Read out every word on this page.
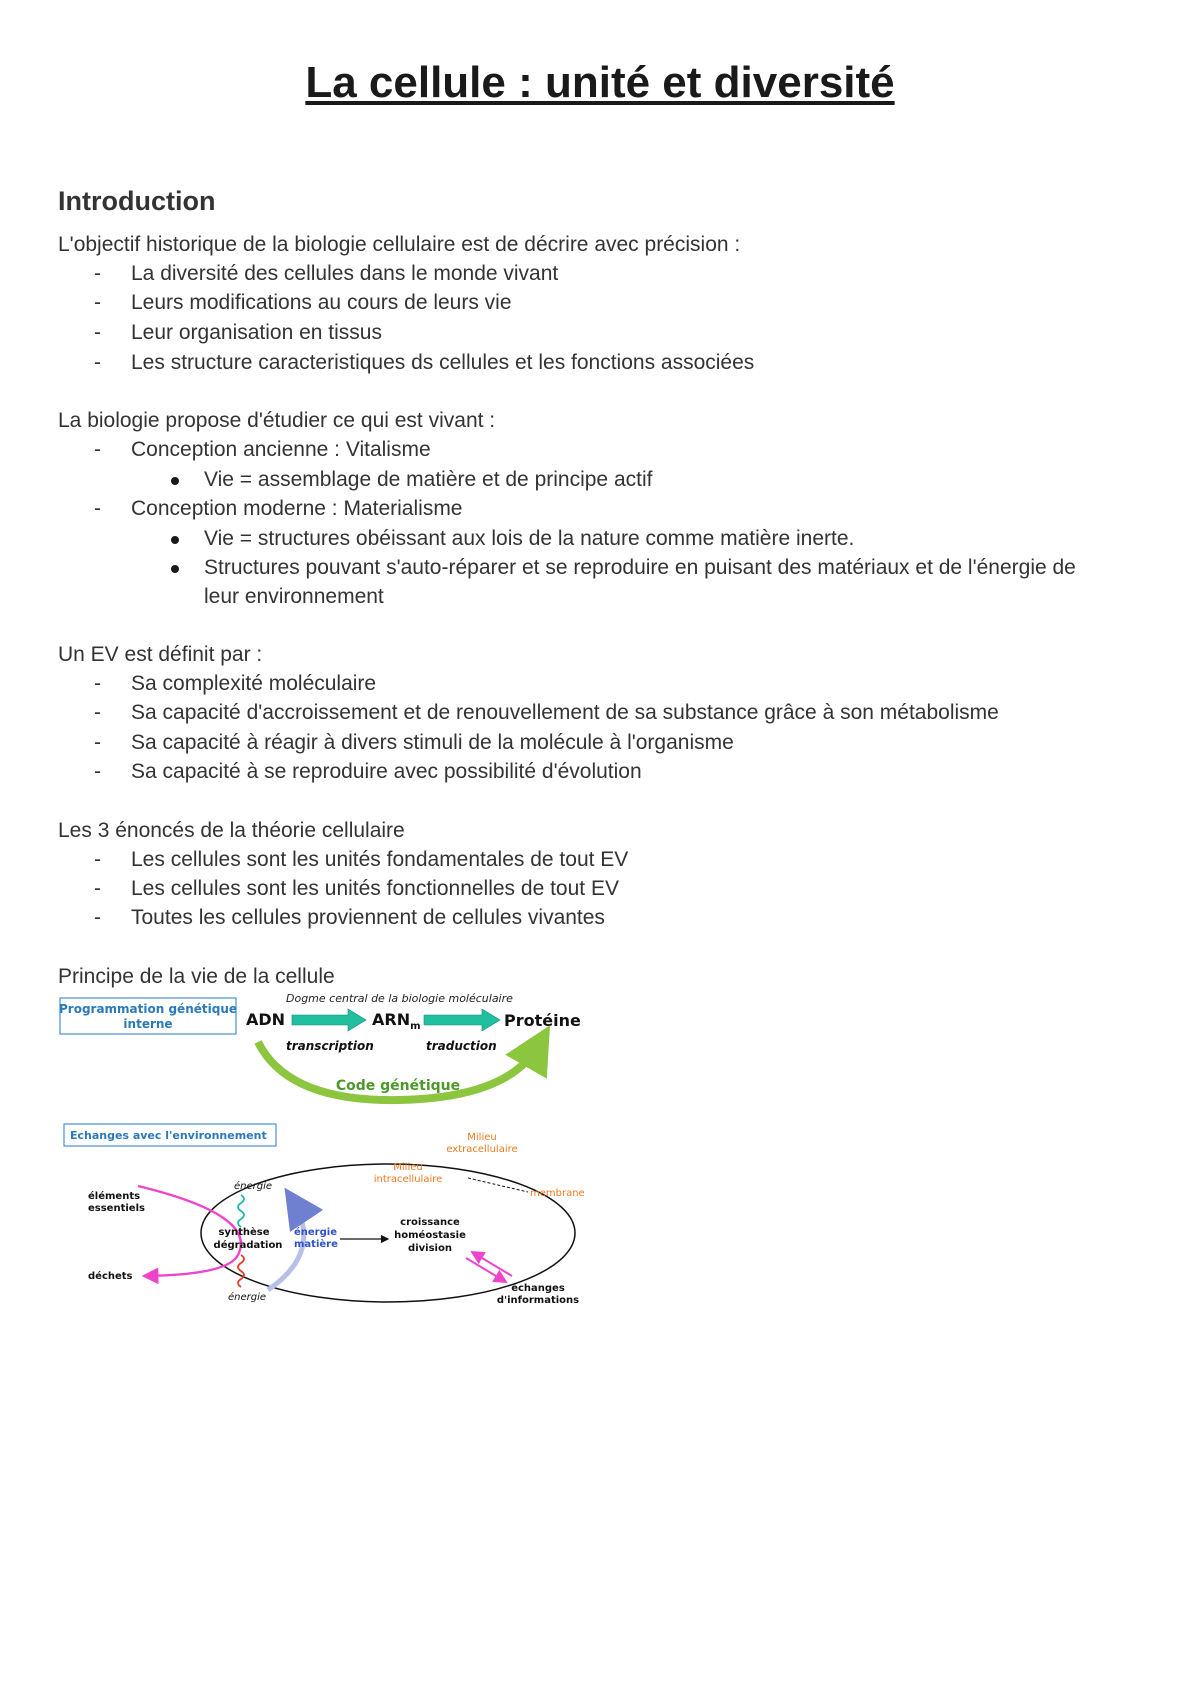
La cellule : unité et diversité
Introduction
L'objectif historique de la biologie cellulaire est de décrire avec précision :
- La diversité des cellules dans le monde vivant
- Leurs modifications au cours de leurs vie
- Leur organisation en tissus
- Les structure caracteristiques ds cellules et les fonctions associées
La biologie propose d'étudier ce qui est vivant :
- Conception ancienne : Vitalisme
Vie = assemblage de matière et de principe actif
- Conception moderne : Materialisme
Vie = structures obéissant aux lois de la nature comme matière inerte.
Structures pouvant s'auto-réparer et se reproduire en puisant des matériaux et de l'énergie de
leur environnement
Un EV est définit par :
- Sa complexité moléculaire
- Sa capacité d'accroissement et de renouvellement de sa substance grâce à son métabolisme
- Sa capacité à réagir à divers stimuli de la molécule à l'organisme
- Sa capacité à se reproduire avec possibilité d'évolution
Les 3 énoncés de la théorie cellulaire
- Les cellules sont les unités fondamentales de tout EV
- Les cellules sont les unités fonctionnelles de tout EV
- Toutes les cellules proviennent de cellules vivantes
Principe de la vie de la cellule
Programmation génétique
interne
Dogme central de la biologie moléculaire
ADN	$ARN_m$	Protéine
transcription	traduction
Code génétique
Echanges avec l'environnement	Milieu
extracellulaire
Milieu
intracellulaire
membrane
éléments
essentiels
déchets
énergie
synthèse
dégradation
énergie
énergie
matière
croissance
homéostasie
division
échanges
d'informations
